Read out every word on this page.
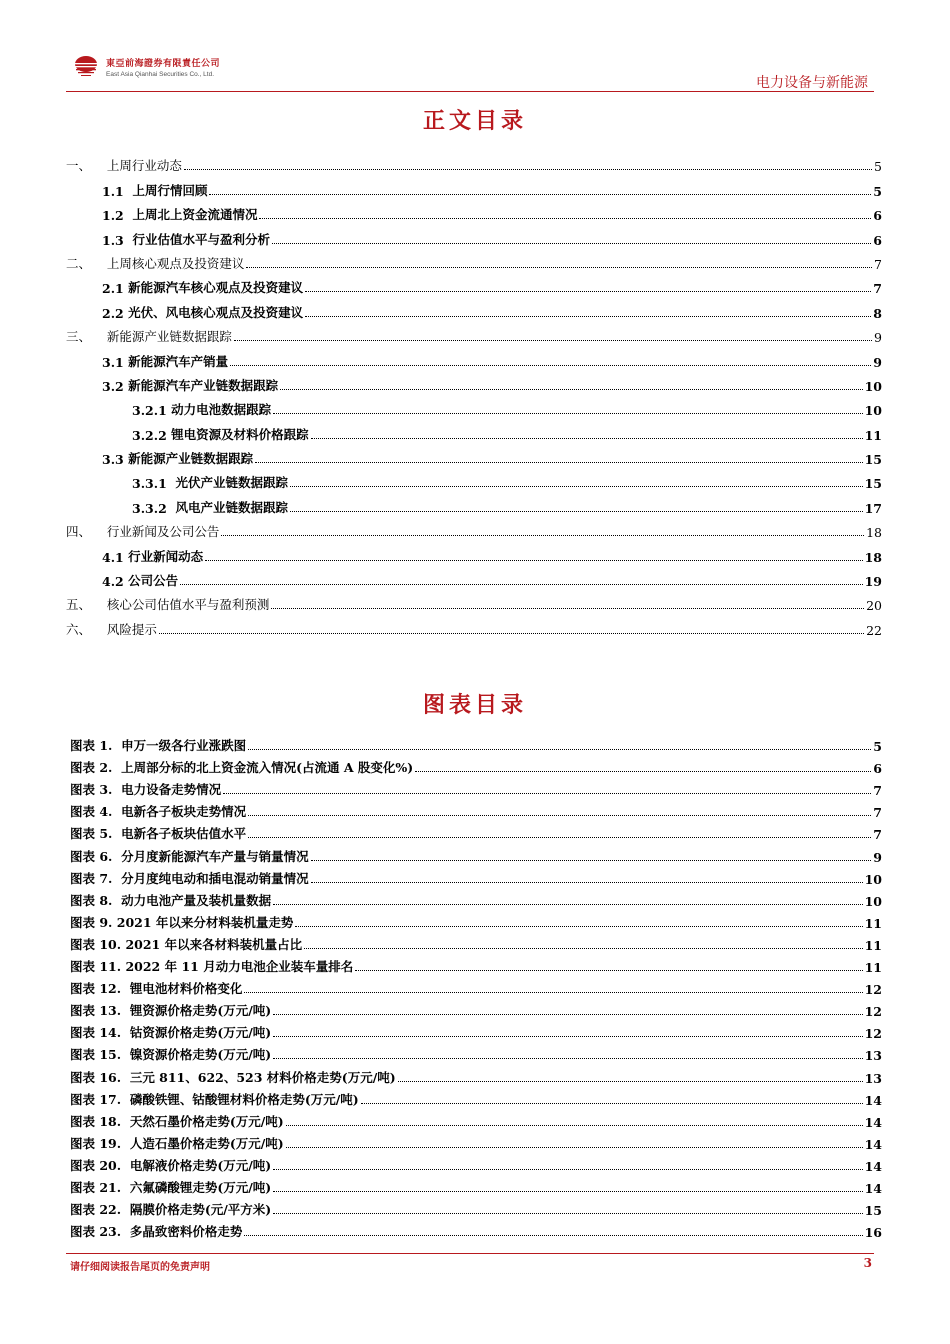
東亞前海證券有限責任公司
East Asia Qianhai Securities Co., Ltd.
电力设备与新能源
正文目录
一、 上周行业动态	5
1.1 上周行情回顾	5
1.2 上周北上资金流通情况	6
1.3 行业估值水平与盈利分析	6
二、 上周核心观点及投资建议	7
2.1 新能源汽车核心观点及投资建议	7
2.2 光伏、风电核心观点及投资建议	8
三、 新能源产业链数据跟踪	9
3.1 新能源汽车产销量	9
3.2 新能源汽车产业链数据跟踪	10
3.2.1 动力电池数据跟踪	10
3.2.2 锂电资源及材料价格跟踪	11
3.3 新能源产业链数据跟踪	15
3.3.1 光伏产业链数据跟踪	15
3.3.2 风电产业链数据跟踪	17
四、 行业新闻及公司公告	18
4.1 行业新闻动态	18
4.2 公司公告	19
五、 核心公司估值水平与盈利预测	20
六、 风险提示	22
图表目录
图表 1. 申万一级各行业涨跌图	5
图表 2. 上周部分标的北上资金流入情况(占流通 A 股变化%)	6
图表 3. 电力设备走势情况	7
图表 4. 电新各子板块走势情况	7
图表 5. 电新各子板块估值水平	7
图表 6. 分月度新能源汽车产量与销量情况	9
图表 7. 分月度纯电动和插电混动销量情况	10
图表 8. 动力电池产量及装机量数据	10
图表 9. 2021 年以来分材料装机量走势	11
图表 10. 2021 年以来各材料装机量占比	11
图表 11. 2022 年 11 月动力电池企业装车量排名	11
图表 12. 锂电池材料价格变化	12
图表 13. 锂资源价格走势(万元/吨)	12
图表 14. 钴资源价格走势(万元/吨)	12
图表 15. 镍资源价格走势(万元/吨)	13
图表 16. 三元 811、622、523 材料价格走势(万元/吨)	13
图表 17. 磷酸铁锂、钴酸锂材料价格走势(万元/吨)	14
图表 18. 天然石墨价格走势(万元/吨)	14
图表 19. 人造石墨价格走势(万元/吨)	14
图表 20. 电解液价格走势(万元/吨)	14
图表 21. 六氟磷酸锂走势(万元/吨)	14
图表 22. 隔膜价格走势(元/平方米)	15
图表 23. 多晶致密料价格走势	16
请仔细阅读报告尾页的免责声明	3
